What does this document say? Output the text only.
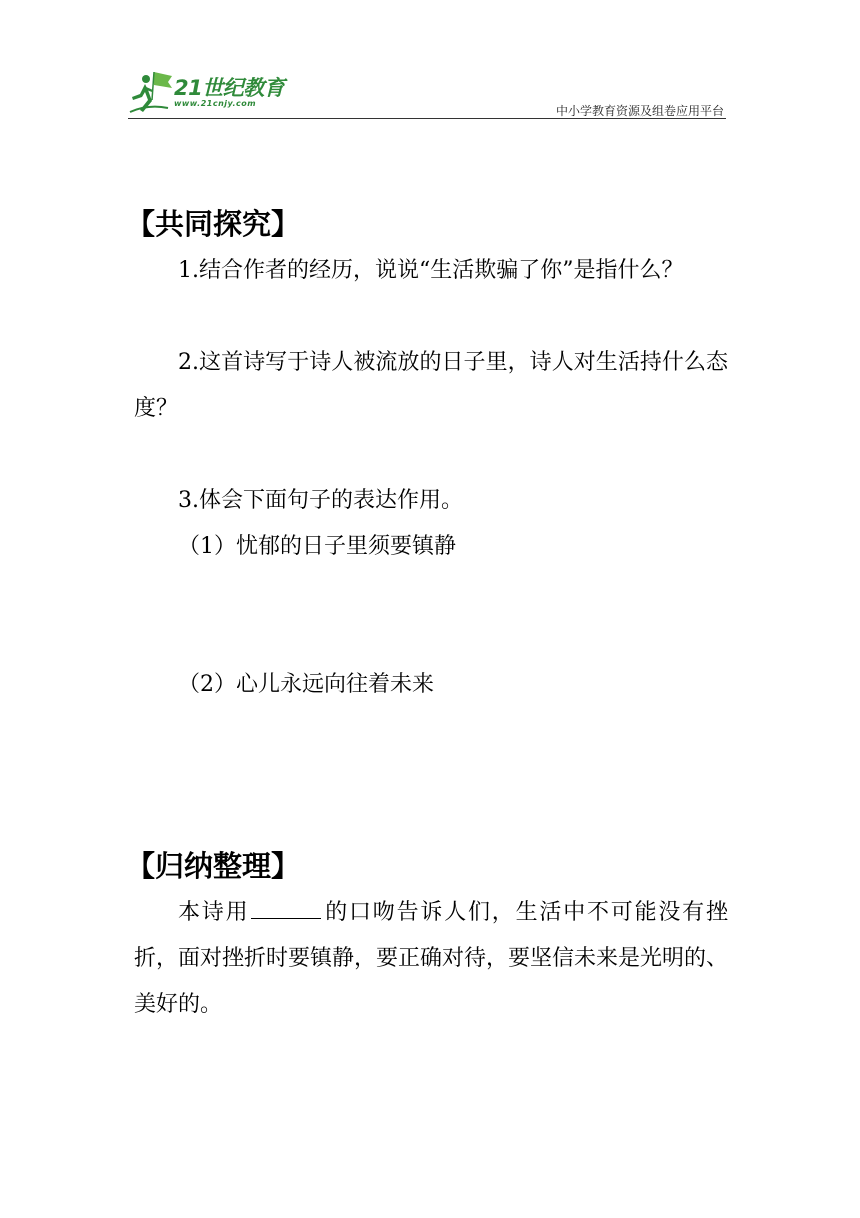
21世纪教育
www.21cnjy.com
中小学教育资源及组卷应用平台
【共同探究】

1.结合作者的经历，说说“生活欺骗了你”是指什么？

2.这首诗写于诗人被流放的日子里，诗人对生活持什么态度？

3.体会下面句子的表达作用。

（1）忧郁的日子里须要镇静

（2）心儿永远向往着未来

【归纳整理】

本诗用	的口吻告诉人们，生活中不可能没有挫折，面对挫折时要镇静，要正确对待，要坚信未来是光明的、美好的。
